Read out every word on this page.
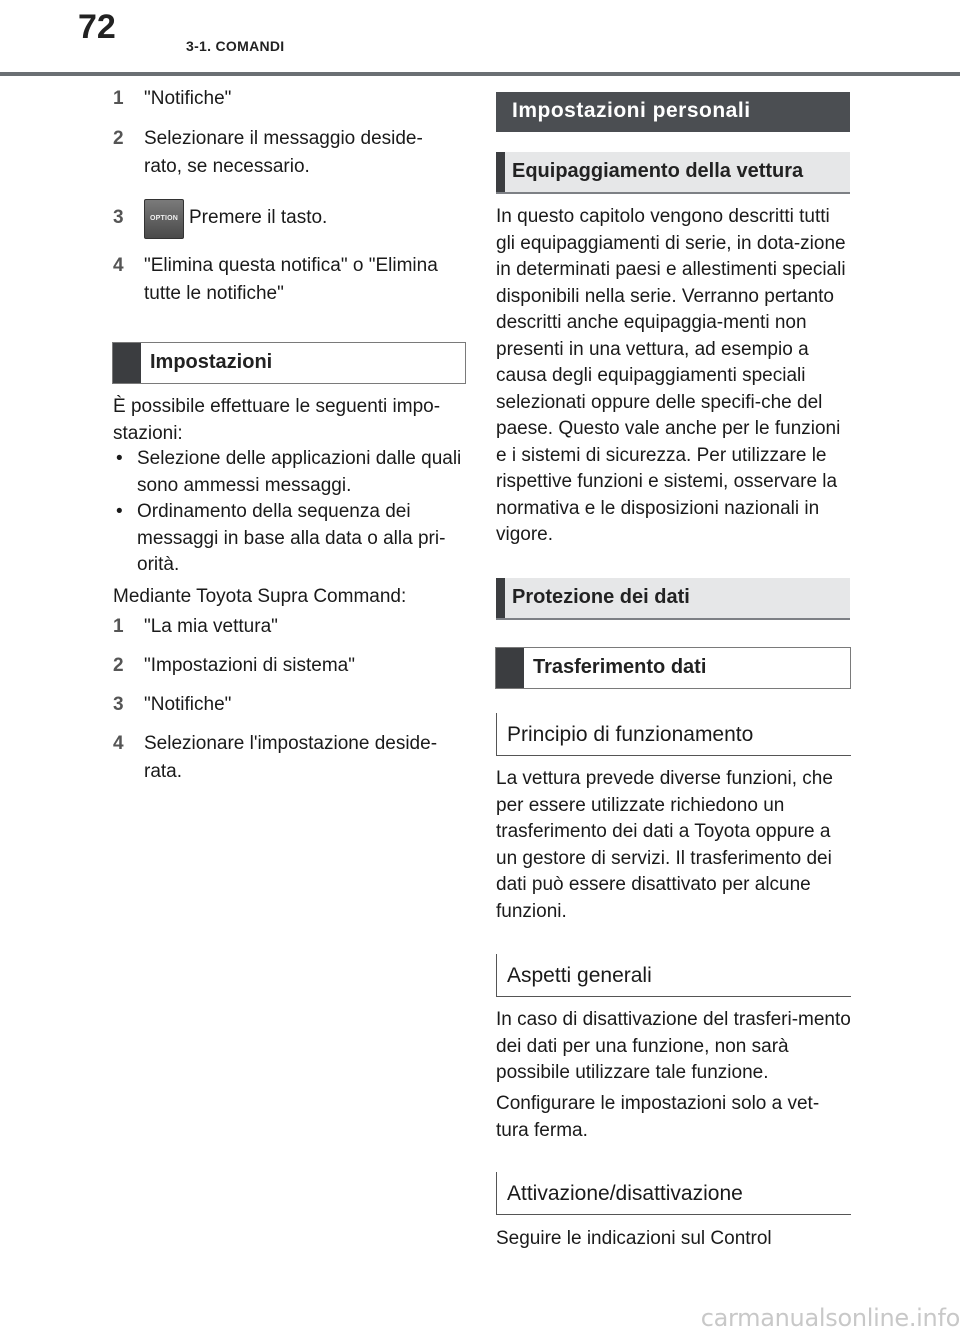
72	3-1. COMANDI
1	"Notifiche"
2	Selezionare il messaggio deside-rato, se necessario.
3	OPTION Premere il tasto.
4	"Elimina questa notifica" o "Elimina tutte le notifiche"
Impostazioni
È possibile effettuare le seguenti impo-stazioni:
• Selezione delle applicazioni dalle quali sono ammessi messaggi.
• Ordinamento della sequenza dei messaggi in base alla data o alla pri-orità.
Mediante Toyota Supra Command:
1	"La mia vettura"
2	"Impostazioni di sistema"
3	"Notifiche"
4	Selezionare l'impostazione deside-rata.
Impostazioni personali
Equipaggiamento della vettura
In questo capitolo vengono descritti tutti gli equipaggiamenti di serie, in dota-zione in determinati paesi e allestimenti speciali disponibili nella serie. Verranno pertanto descritti anche equipaggia-menti non presenti in una vettura, ad esempio a causa degli equipaggiamenti speciali selezionati oppure delle specifi-che del paese. Questo vale anche per le funzioni e i sistemi di sicurezza. Per utilizzare le rispettive funzioni e sistemi, osservare la normativa e le disposizioni nazionali in vigore.
Protezione dei dati
Trasferimento dati
Principio di funzionamento
La vettura prevede diverse funzioni, che per essere utilizzate richiedono un trasferimento dei dati a Toyota oppure a un gestore di servizi. Il trasferimento dei dati può essere disattivato per alcune funzioni.
Aspetti generali
In caso di disattivazione del trasferi-mento dei dati per una funzione, non sarà possibile utilizzare tale funzione.
Configurare le impostazioni solo a vet-tura ferma.
Attivazione/disattivazione
Seguire le indicazioni sul Control
carmanualsonline.info
